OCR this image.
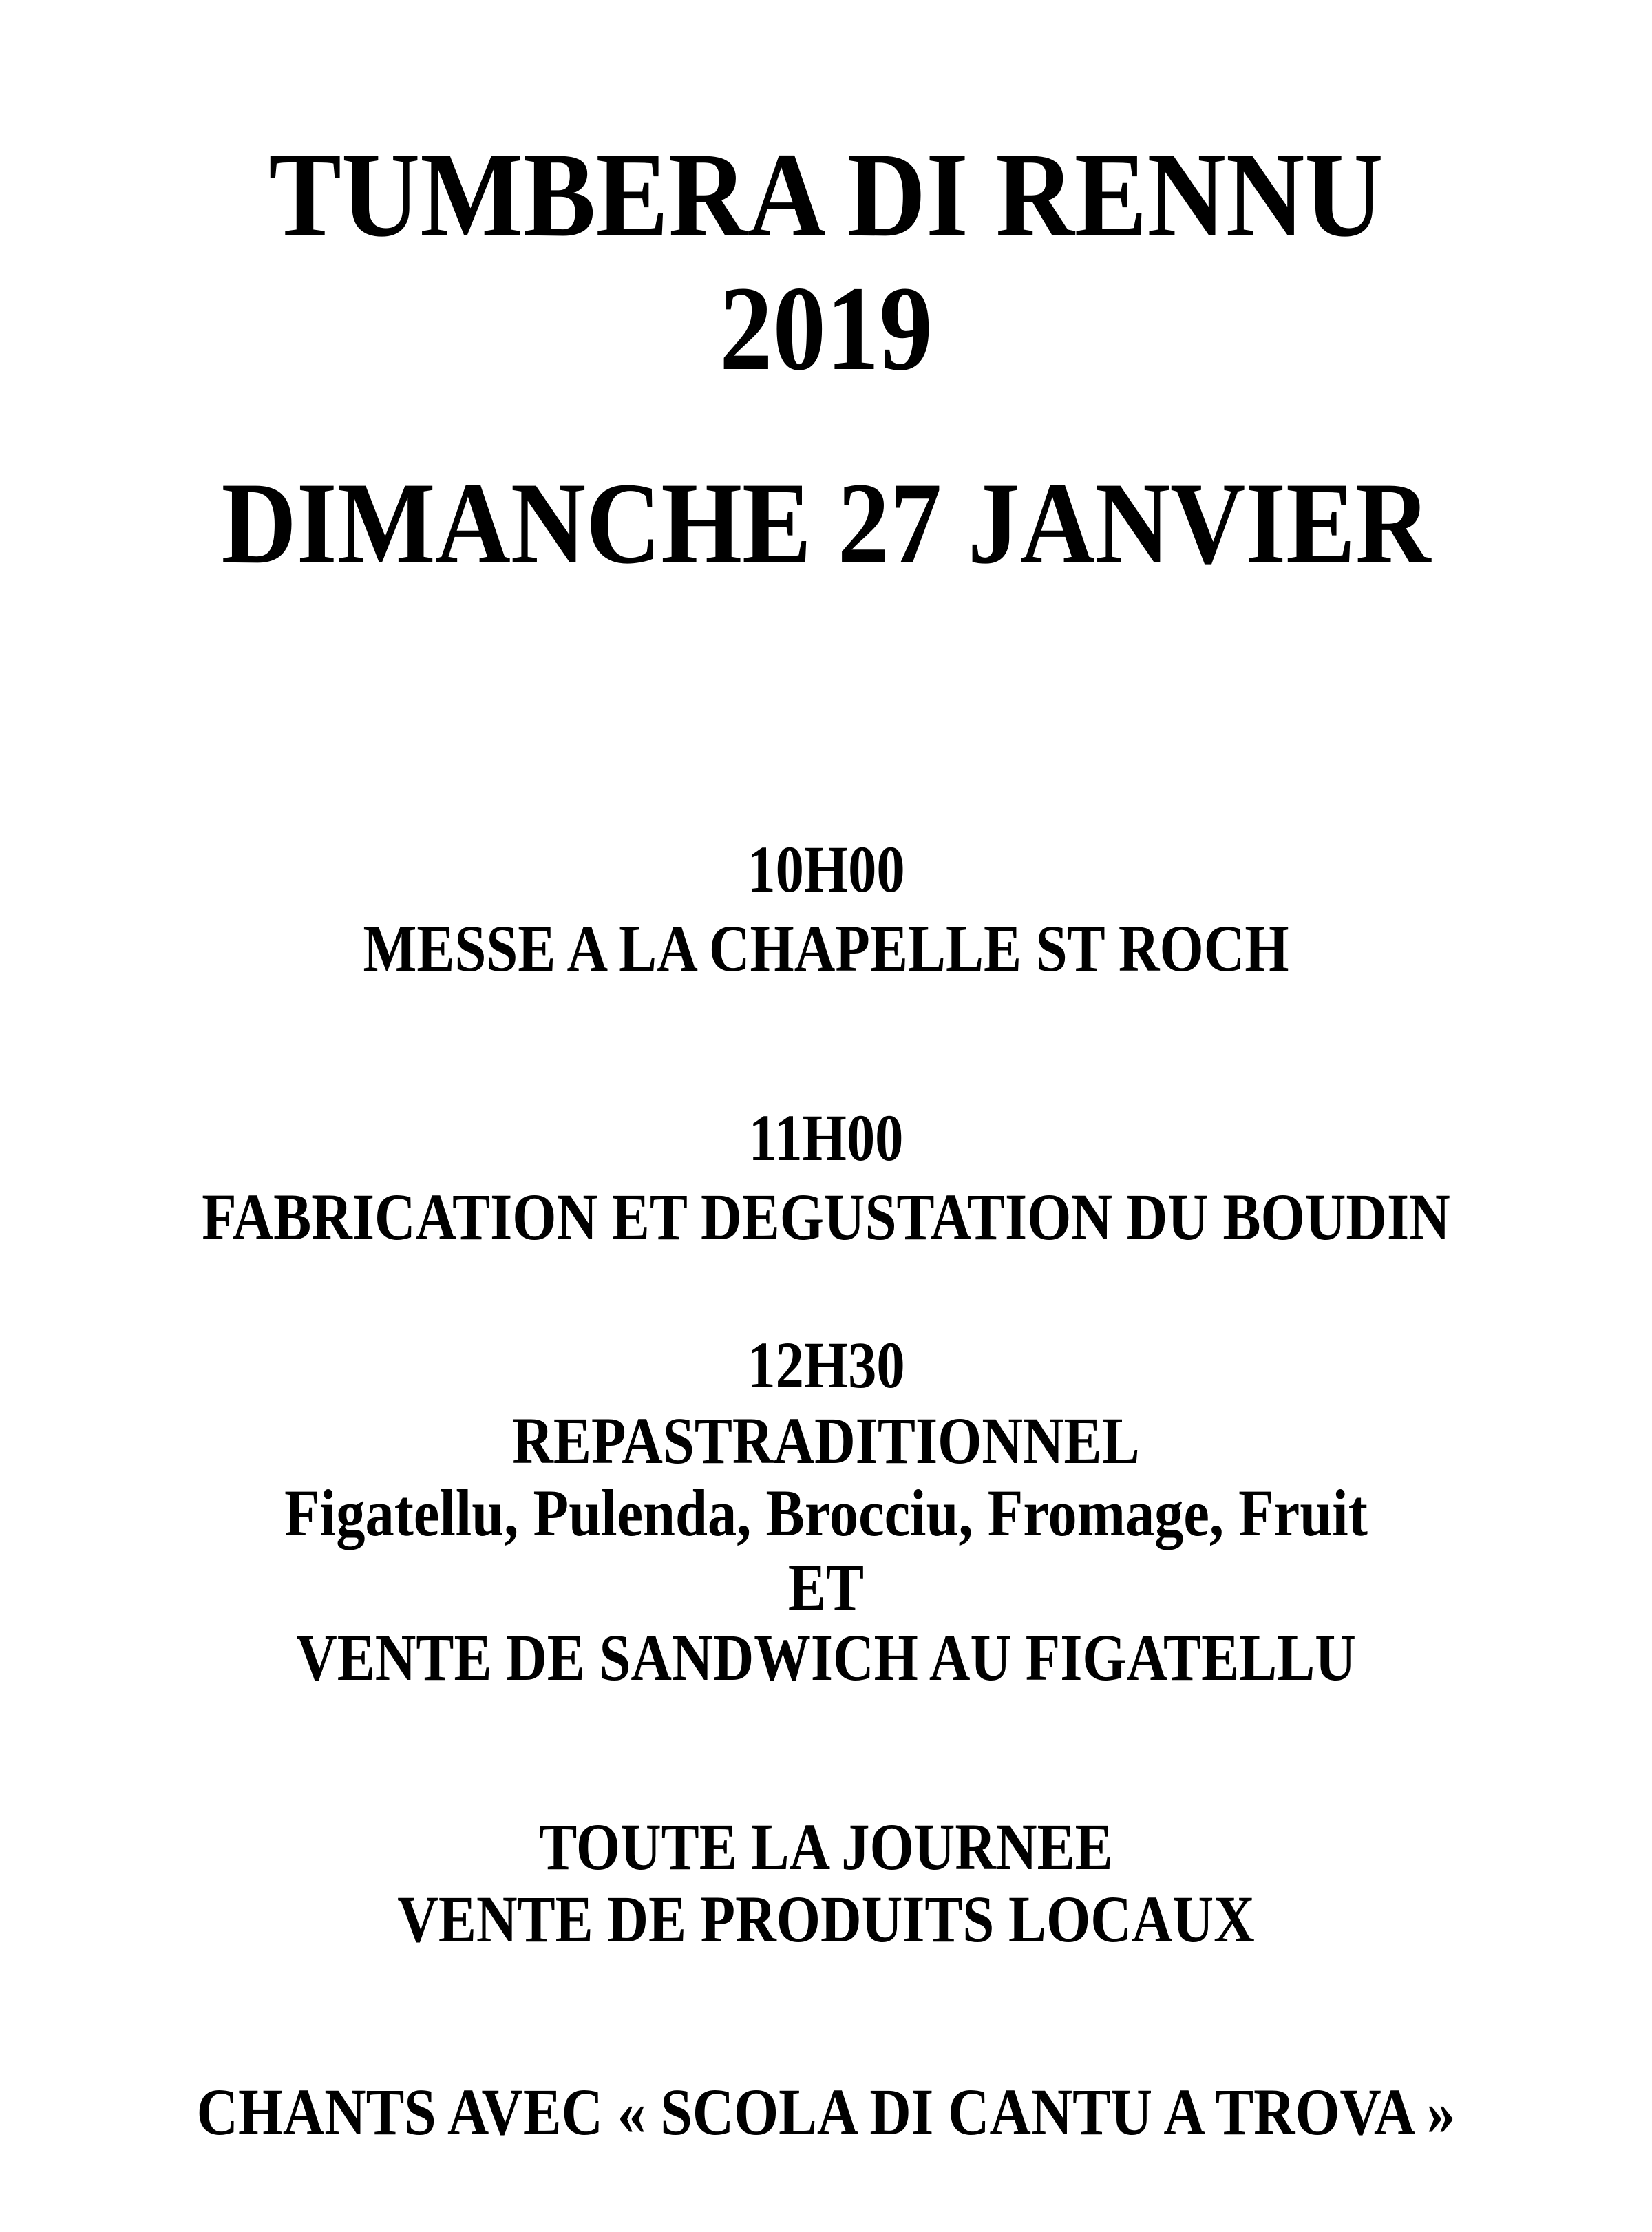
TUMBERA DI RENNU
2019
DIMANCHE 27 JANVIER
10H00
MESSE A LA CHAPELLE ST ROCH
11H00
FABRICATION ET DEGUSTATION DU BOUDIN
12H30
REPASTRADITIONNEL
Figatellu, Pulenda, Brocciu, Fromage, Fruit
ET
VENTE DE SANDWICH AU FIGATELLU
TOUTE LA JOURNEE
VENTE DE PRODUITS LOCAUX
CHANTS AVEC « SCOLA DI CANTU A TROVA »
